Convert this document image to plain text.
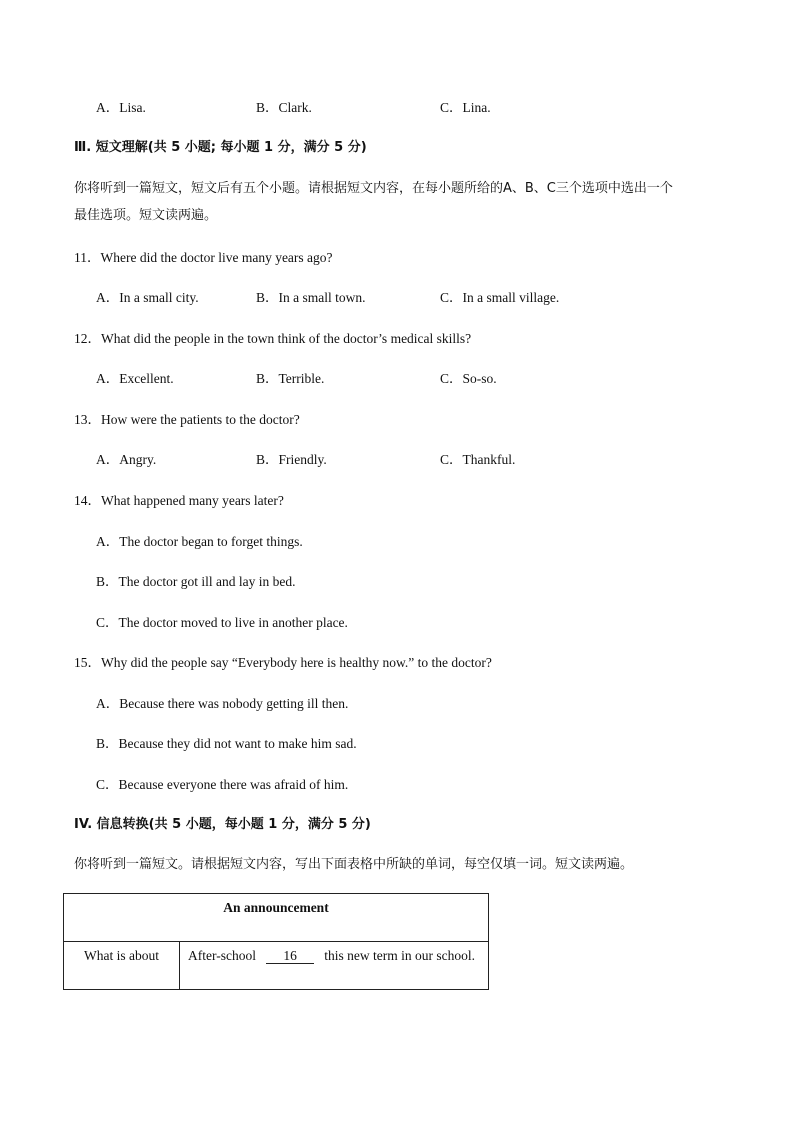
A．Lisa.	B．Clark.	C．Lina.
Ⅲ. 短文理解(共 5 小题; 每小题 1 分，满分 5 分)
你将听到一篇短文，短文后有五个小题。请根据短文内容，在每小题所给的A、B、C三个选项中选出一个
最佳选项。短文读两遍。
11．Where did the doctor live many years ago?
A．In a small city.	B．In a small town.	C．In a small village.
12．What did the people in the town think of the doctor’s medical skills?
A．Excellent.	B．Terrible.	C．So-so.
13．How were the patients to the doctor?
A．Angry.	B．Friendly.	C．Thankful.
14．What happened many years later?
A．The doctor began to forget things.
B．The doctor got ill and lay in bed.
C．The doctor moved to live in another place.
15．Why did the people say “Everybody here is healthy now.” to the doctor?
A．Because there was nobody getting ill then.
B．Because they did not want to make him sad.
C．Because everyone there was afraid of him.
IV. 信息转换(共 5 小题，每小题 1 分，满分 5 分)
你将听到一篇短文。请根据短文内容，写出下面表格中所缺的单词，每空仅填一词。短文读两遍。
An announcement
What is about	After-school 16 this new term in our school.
